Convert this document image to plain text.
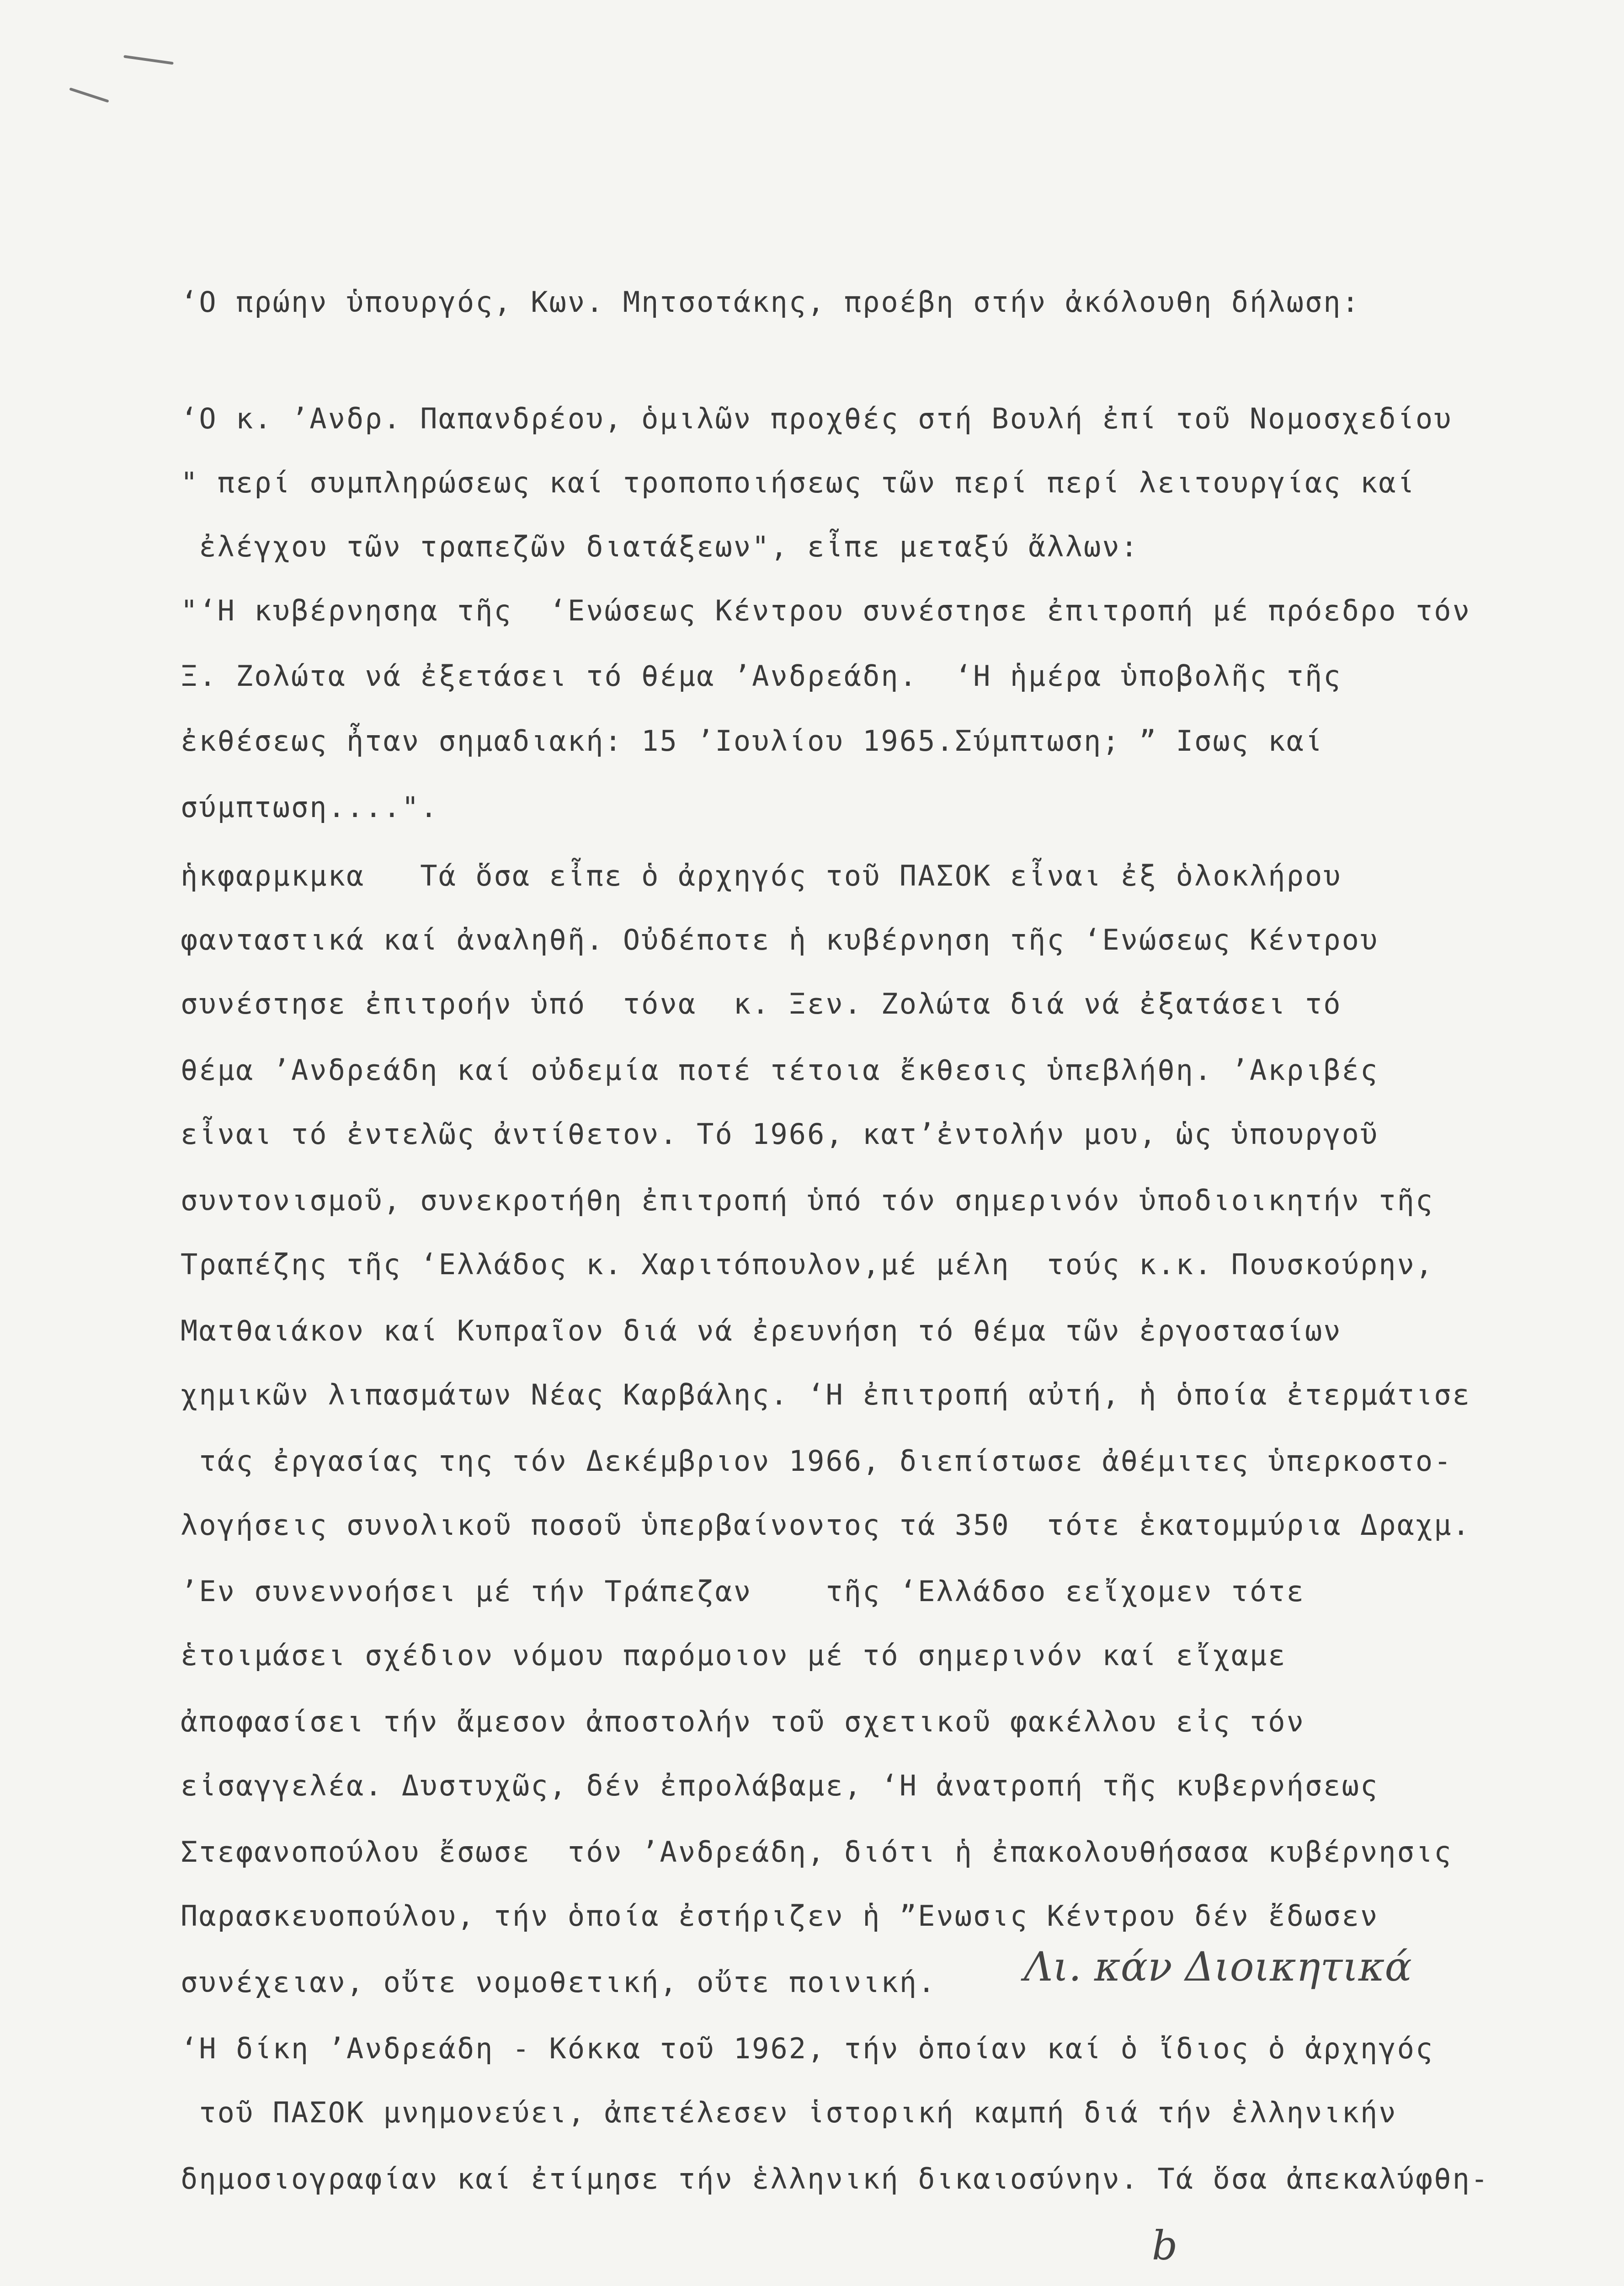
‘Ο πρώην ὑπουργός, Κων. Μητσοτάκης, προέβη στήν ἀκόλουθη δήλωση:
‘Ο κ. ’Ανδρ. Παπανδρέου, ὁμιλῶν προχθές στή Βουλή ἐπί τοῦ Νομοσχεδίου
" περί συμπληρώσεως καί τροποποιήσεως τῶν περί περί λειτουργίας καί
ἐλέγχου τῶν τραπεζῶν διατάξεων", εἶπε μεταξύ ἄλλων:
"‘Η κυβέρνησηα τῆς  ‘Ενώσεως Κέντρου συνέστησε ἐπιτροπή μέ πρόεδρο τόν
Ξ. Ζολώτα νά ἐξετάσει τό θέμα ’Ανδρεάδη.  ‘Η ἡμέρα ὑποβολῆς τῆς
ἐκθέσεως ἦταν σημαδιακή: 15 ’Ιουλίου 1965.Σύμπτωση; ” Ισως καί
σύμπτωση....".
ἡκφαρμκμκα   Τά ὅσα εἶπε ὁ ἀρχηγός τοῦ ΠΑΣΟΚ εἶναι ἐξ ὁλοκλήρου
φανταστικά καί ἀναληθῆ. Οὐδέποτε ἡ κυβέρνηση τῆς ‘Ενώσεως Κέντρου
συνέστησε ἐπιτροήν ὑπό  τόνα  κ. Ξεν. Ζολώτα διά νά ἐξατάσει τό
θέμα ’Ανδρεάδη καί οὐδεμία ποτέ τέτοια ἔκθεσις ὑπεβλήθη. ’Ακριβές
εἶναι τό ἐντελῶς ἀντίθετον. Τό 1966, κατ’ἐντολήν μου, ὡς ὑπουργοῦ
συντονισμοῦ, συνεκροτήθη ἐπιτροπή ὑπό τόν σημερινόν ὑποδιοικητήν τῆς
Τραπέζης τῆς ‘Ελλάδος κ. Χαριτόπουλον,μέ μέλη  τούς κ.κ. Πουσκούρην,
Ματθαιάκον καί Κυπραῖον διά νά ἐρευνήση τό θέμα τῶν ἐργοστασίων
χημικῶν λιπασμάτων Νέας Καρβάλης. ‘Η ἐπιτροπή αὐτή, ἡ ὁποία ἐτερμάτισε
τάς ἐργασίας της τόν Δεκέμβριον 1966, διεπίστωσε ἀθέμιτες ὑπερκοστο-
λογήσεις συνολικοῦ ποσοῦ ὑπερβαίνοντος τά 350  τότε ἑκατομμύρια Δραχμ.
’Εν συνεννοήσει μέ τήν Τράπεζαν    τῆς ‘Ελλάδσο εεἴχομεν τότε
ἑτοιμάσει σχέδιον νόμου παρόμοιον μέ τό σημερινόν καί εἴχαμε
ἀποφασίσει τήν ἄμεσον ἀποστολήν τοῦ σχετικοῦ φακέλλου εἰς τόν
εἰσαγγελέα. Δυστυχῶς, δέν ἐπρολάβαμε, ‘Η ἀνατροπή τῆς κυβερνήσεως
Στεφανοπούλου ἔσωσε  τόν ’Ανδρεάδη, διότι ἡ ἐπακολουθήσασα κυβέρνησις
Παρασκευοπούλου, τήν ὁποία ἐστήριζεν ἡ ”Ενωσις Κέντρου δέν ἔδωσεν
συνέχειαν, οὔτε νομοθετική, οὔτε ποινική. Λι. κάν Διοικητικά
‘Η δίκη ’Ανδρεάδη - Κόκκα τοῦ 1962, τήν ὁποίαν καί ὁ ἴδιος ὁ ἀρχηγός
τοῦ ΠΑΣΟΚ μνημονεύει, ἀπετέλεσεν ἱστορική καμπή διά τήν ἑλληνικήν
δημοσιογραφίαν καί ἐτίμησε τήν ἑλληνική δικαιοσύνην. Τά ὅσα ἀπεκαλύφθη-
b
